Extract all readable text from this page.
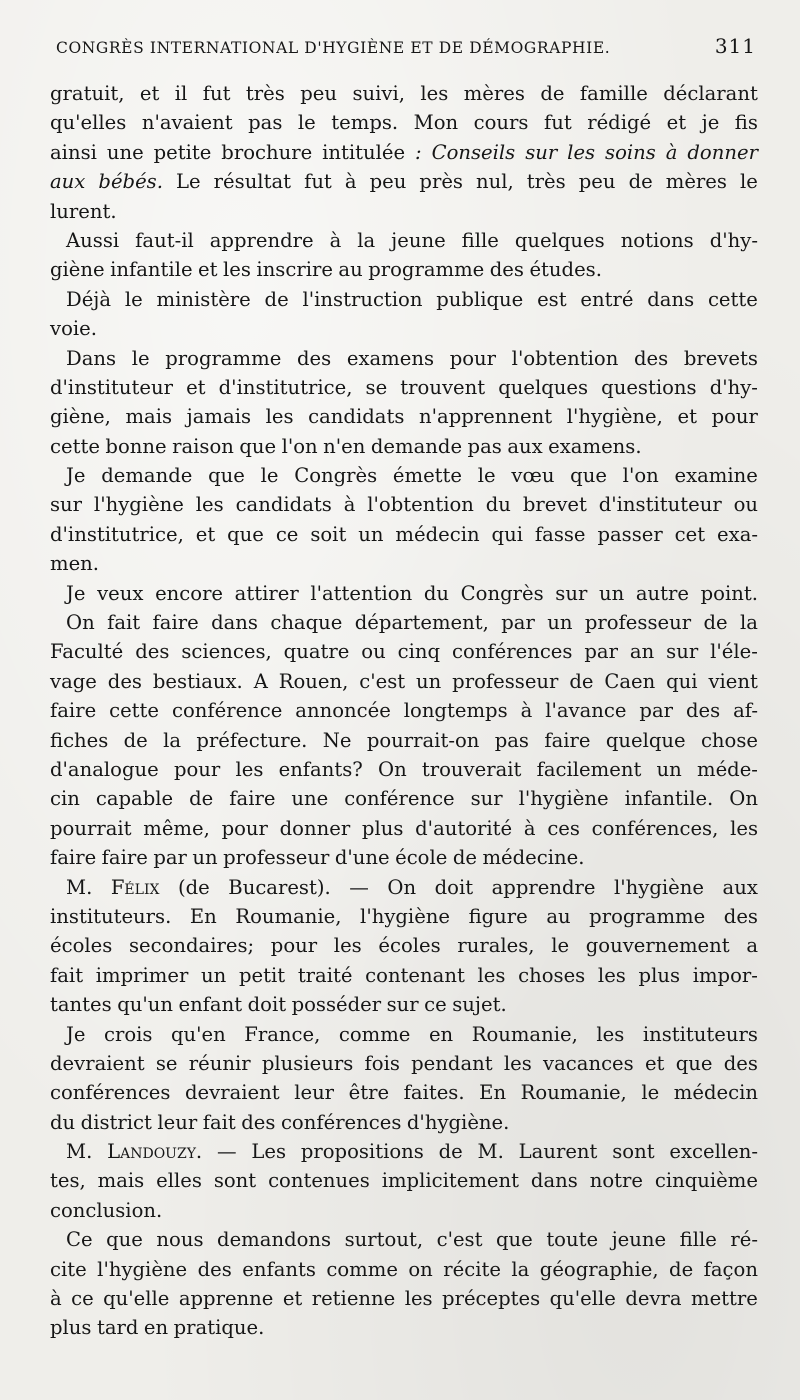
CONGRÈS INTERNATIONAL D'HYGIÈNE ET DE DÉMOGRAPHIE.	311
gratuit, et il fut très peu suivi, les mères de famille déclarant
qu'elles n'avaient pas le temps. Mon cours fut rédigé et je fis
ainsi une petite brochure intitulée : Conseils sur les soins à donner
aux bébés. Le résultat fut à peu près nul, très peu de mères le
lurent.
Aussi faut-il apprendre à la jeune fille quelques notions d'hy-
giène infantile et les inscrire au programme des études.
Déjà le ministère de l'instruction publique est entré dans cette
voie.
Dans le programme des examens pour l'obtention des brevets
d'instituteur et d'institutrice, se trouvent quelques questions d'hy-
giène, mais jamais les candidats n'apprennent l'hygiène, et pour
cette bonne raison que l'on n'en demande pas aux examens.
Je demande que le Congrès émette le vœu que l'on examine
sur l'hygiène les candidats à l'obtention du brevet d'instituteur ou
d'institutrice, et que ce soit un médecin qui fasse passer cet exa-
men.
Je veux encore attirer l'attention du Congrès sur un autre point.
On fait faire dans chaque département, par un professeur de la
Faculté des sciences, quatre ou cinq conférences par an sur l'éle-
vage des bestiaux. A Rouen, c'est un professeur de Caen qui vient
faire cette conférence annoncée longtemps à l'avance par des af-
fiches de la préfecture. Ne pourrait-on pas faire quelque chose
d'analogue pour les enfants? On trouverait facilement un méde-
cin capable de faire une conférence sur l'hygiène infantile. On
pourrait même, pour donner plus d'autorité à ces conférences, les
faire faire par un professeur d'une école de médecine.
M. Félix (de Bucarest). — On doit apprendre l'hygiène aux
instituteurs. En Roumanie, l'hygiène figure au programme des
écoles secondaires; pour les écoles rurales, le gouvernement a
fait imprimer un petit traité contenant les choses les plus impor-
tantes qu'un enfant doit posséder sur ce sujet.
Je crois qu'en France, comme en Roumanie, les instituteurs
devraient se réunir plusieurs fois pendant les vacances et que des
conférences devraient leur être faites. En Roumanie, le médecin
du district leur fait des conférences d'hygiène.
M. Landouzy. — Les propositions de M. Laurent sont excellen-
tes, mais elles sont contenues implicitement dans notre cinquième
conclusion.
Ce que nous demandons surtout, c'est que toute jeune fille ré-
cite l'hygiène des enfants comme on récite la géographie, de façon
à ce qu'elle apprenne et retienne les préceptes qu'elle devra mettre
plus tard en pratique.
